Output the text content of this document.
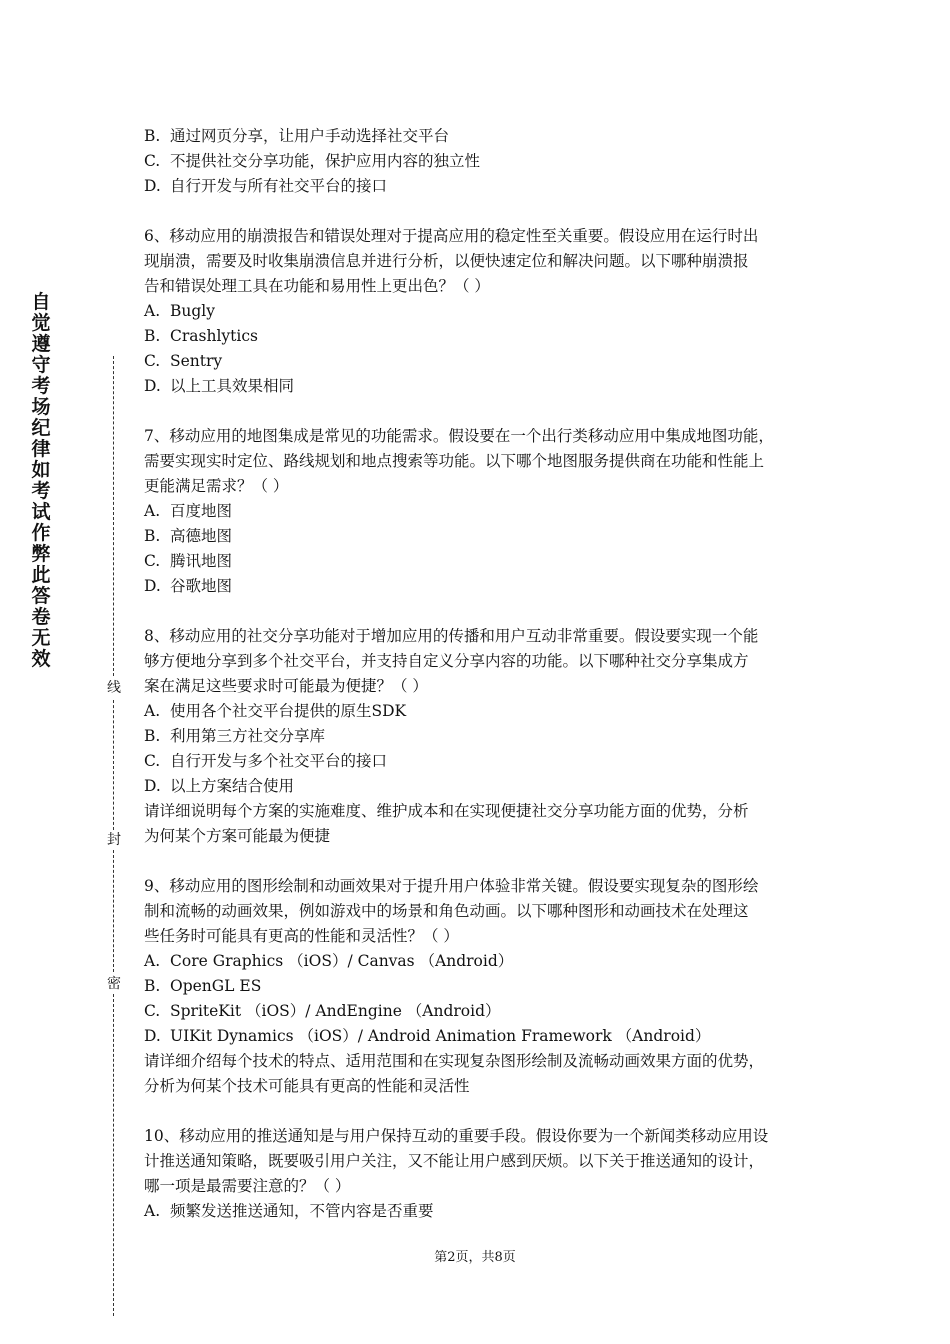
自觉遵守考场纪律如考试作弊此答卷无效
线
封
密
B. 通过网页分享，让用户手动选择社交平台
C. 不提供社交分享功能，保护应用内容的独立性
D. 自行开发与所有社交平台的接口
6、移动应用的崩溃报告和错误处理对于提高应用的稳定性至关重要。假设应用在运行时出
现崩溃，需要及时收集崩溃信息并进行分析，以便快速定位和解决问题。以下哪种崩溃报
告和错误处理工具在功能和易用性上更出色？（ ）
A. Bugly
B. Crashlytics
C. Sentry
D. 以上工具效果相同
7、移动应用的地图集成是常见的功能需求。假设要在一个出行类移动应用中集成地图功能，
需要实现实时定位、路线规划和地点搜索等功能。以下哪个地图服务提供商在功能和性能上
更能满足需求？（ ）
A. 百度地图
B. 高德地图
C. 腾讯地图
D. 谷歌地图
8、移动应用的社交分享功能对于增加应用的传播和用户互动非常重要。假设要实现一个能
够方便地分享到多个社交平台，并支持自定义分享内容的功能。以下哪种社交分享集成方
案在满足这些要求时可能最为便捷？（ ）
A. 使用各个社交平台提供的原生SDK
B. 利用第三方社交分享库
C. 自行开发与多个社交平台的接口
D. 以上方案结合使用
请详细说明每个方案的实施难度、维护成本和在实现便捷社交分享功能方面的优势，分析
为何某个方案可能最为便捷
9、移动应用的图形绘制和动画效果对于提升用户体验非常关键。假设要实现复杂的图形绘
制和流畅的动画效果，例如游戏中的场景和角色动画。以下哪种图形和动画技术在处理这
些任务时可能具有更高的性能和灵活性？（ ）
A. Core Graphics （iOS）/ Canvas （Android）
B. OpenGL ES
C. SpriteKit （iOS）/ AndEngine （Android）
D. UIKit Dynamics （iOS）/ Android Animation Framework （Android）
请详细介绍每个技术的特点、适用范围和在实现复杂图形绘制及流畅动画效果方面的优势，
分析为何某个技术可能具有更高的性能和灵活性
10、移动应用的推送通知是与用户保持互动的重要手段。假设你要为一个新闻类移动应用设
计推送通知策略，既要吸引用户关注，又不能让用户感到厌烦。以下关于推送通知的设计，
哪一项是最需要注意的？（ ）
A. 频繁发送推送通知，不管内容是否重要
第2页，共8页
